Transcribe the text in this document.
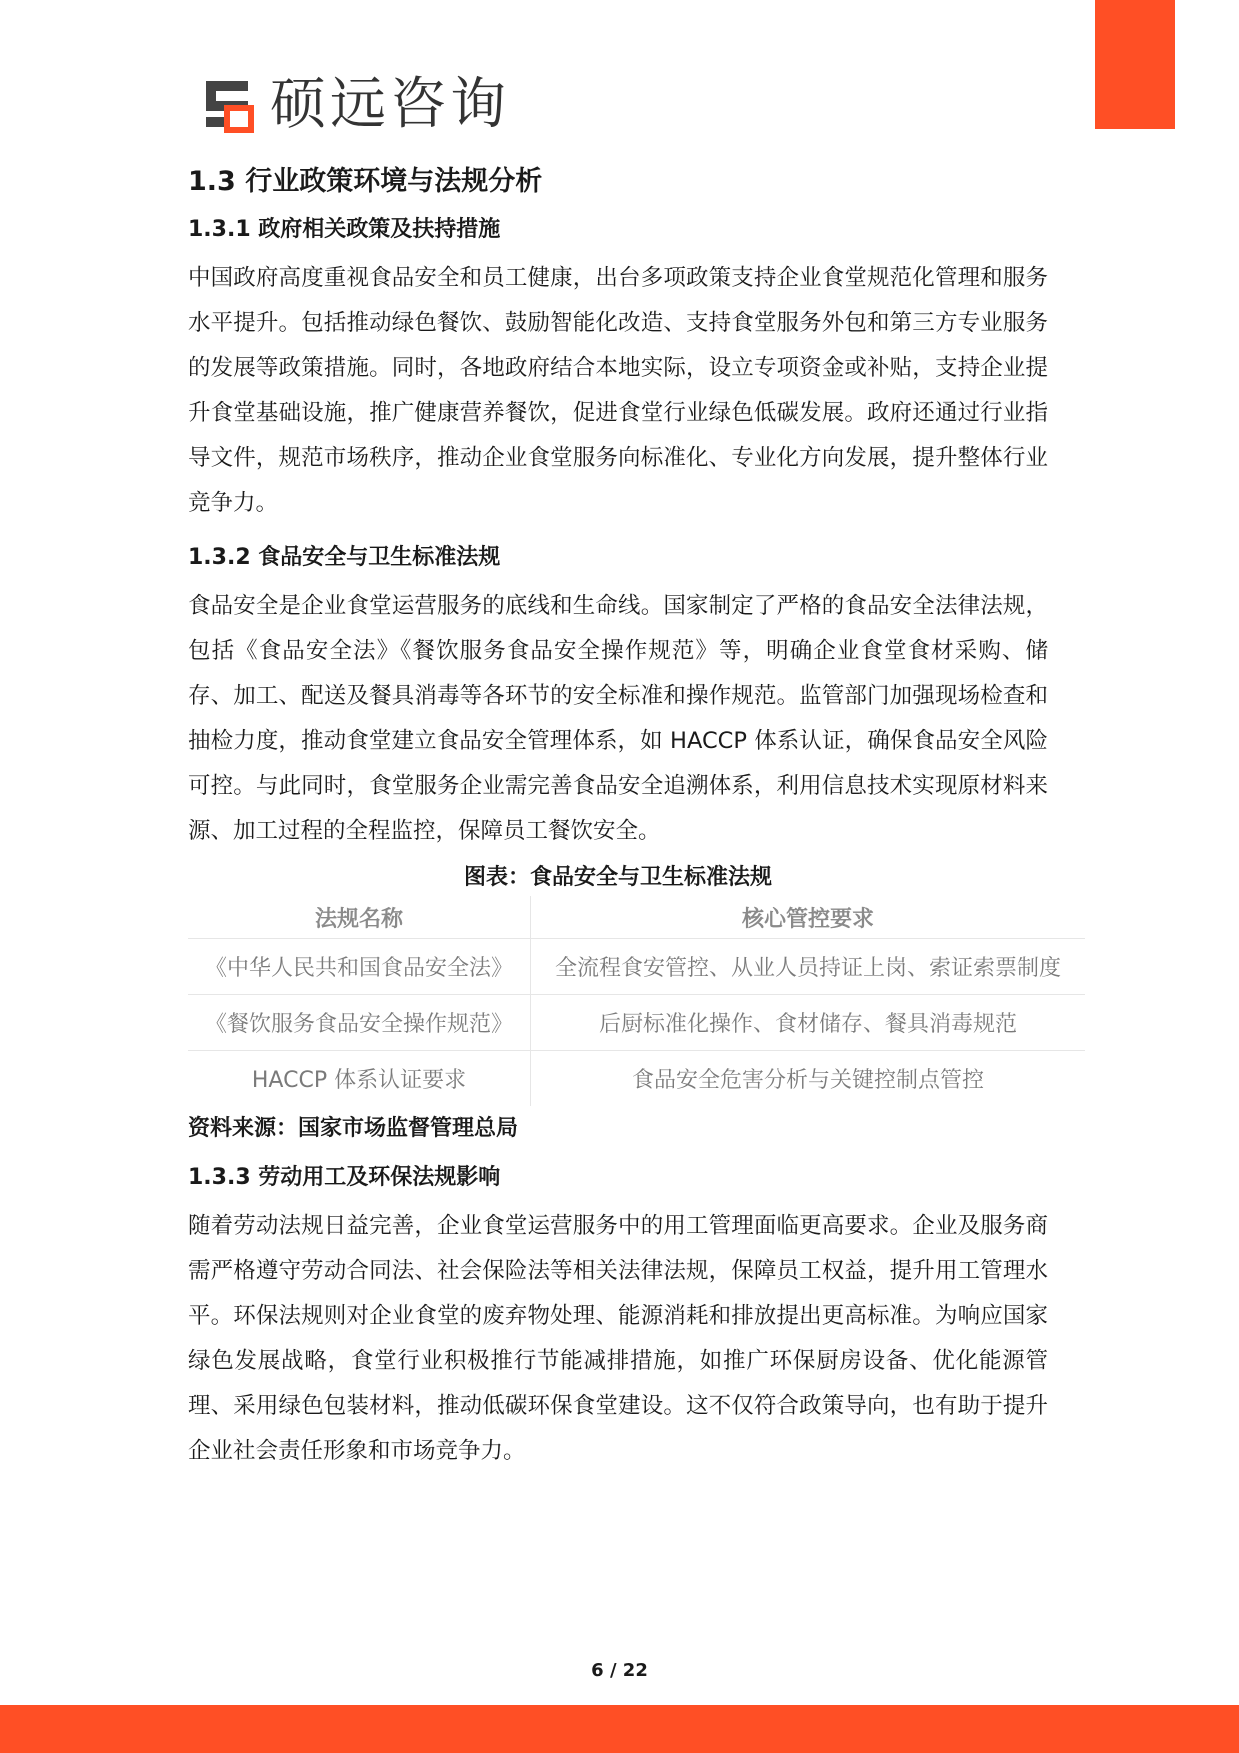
硕远咨询
1.3 行业政策环境与法规分析
1.3.1 政府相关政策及扶持措施

中国政府高度重视食品安全和员工健康，出台多项政策支持企业食堂规范化管理和服务水平提升。包括推动绿色餐饮、鼓励智能化改造、支持食堂服务外包和第三方专业服务的发展等政策措施。同时，各地政府结合本地实际，设立专项资金或补贴，支持企业提升食堂基础设施，推广健康营养餐饮，促进食堂行业绿色低碳发展。政府还通过行业指导文件，规范市场秩序，推动企业食堂服务向标准化、专业化方向发展，提升整体行业竞争力。

1.3.2 食品安全与卫生标准法规

食品安全是企业食堂运营服务的底线和生命线。国家制定了严格的食品安全法律法规，包括《食品安全法》《餐饮服务食品安全操作规范》等，明确企业食堂食材采购、储存、加工、配送及餐具消毒等各环节的安全标准和操作规范。监管部门加强现场检查和抽检力度，推动食堂建立食品安全管理体系，如 HACCP 体系认证，确保食品安全风险可控。与此同时，食堂服务企业需完善食品安全追溯体系，利用信息技术实现原材料来源、加工过程的全程监控，保障员工餐饮安全。

图表：食品安全与卫生标准法规
法规名称	核心管控要求
《中华人民共和国食品安全法》	全流程食安管控、从业人员持证上岗、索证索票制度
《餐饮服务食品安全操作规范》	后厨标准化操作、食材储存、餐具消毒规范
HACCP 体系认证要求	食品安全危害分析与关键控制点管控
资料来源：国家市场监督管理总局
1.3.3 劳动用工及环保法规影响

随着劳动法规日益完善，企业食堂运营服务中的用工管理面临更高要求。企业及服务商需严格遵守劳动合同法、社会保险法等相关法律法规，保障员工权益，提升用工管理水平。环保法规则对企业食堂的废弃物处理、能源消耗和排放提出更高标准。为响应国家绿色发展战略，食堂行业积极推行节能减排措施，如推广环保厨房设备、优化能源管理、采用绿色包装材料，推动低碳环保食堂建设。这不仅符合政策导向，也有助于提升企业社会责任形象和市场竞争力。

6 / 22
